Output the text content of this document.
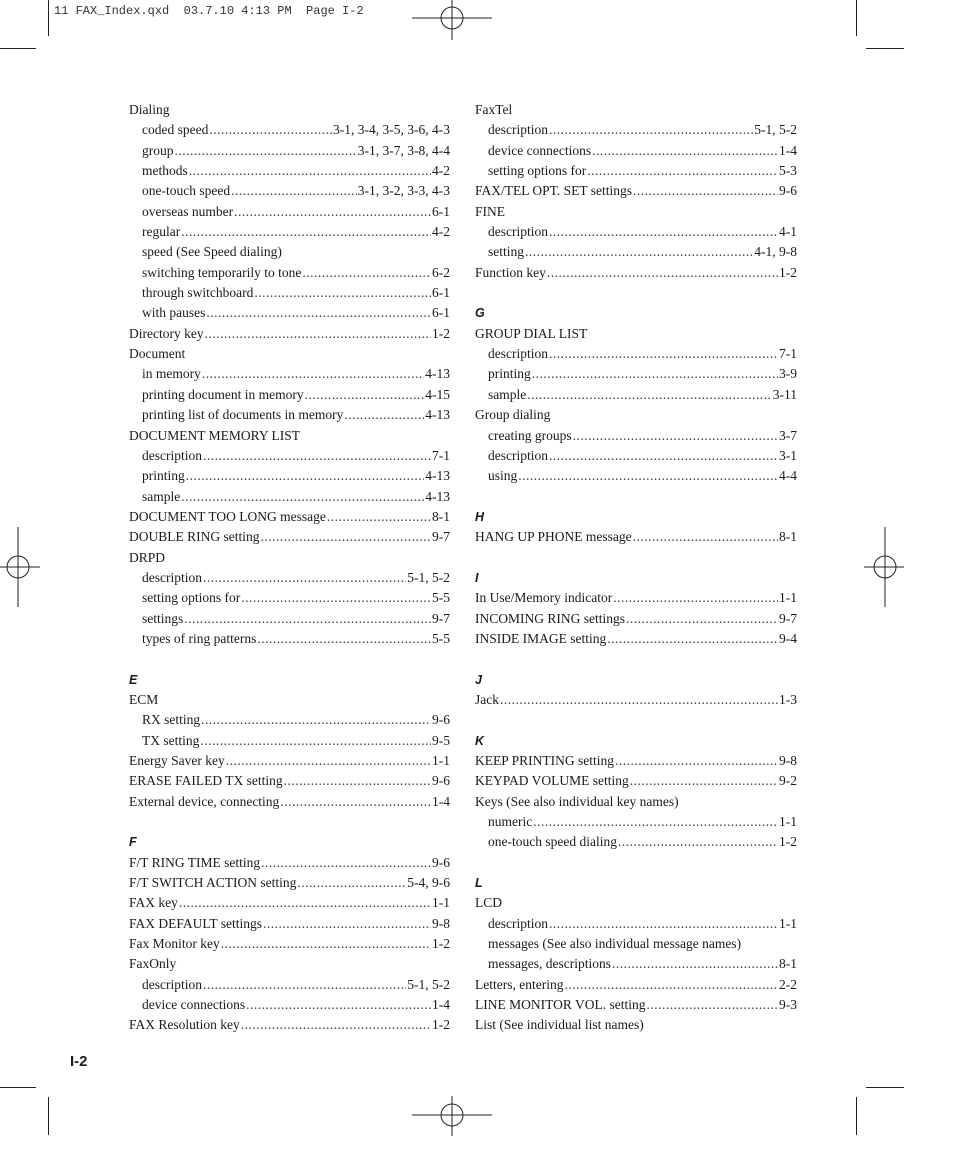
11 FAX_Index.qxd  03.7.10 4:13 PM  Page I-2
Dialing
coded speed .....	3-1, 3-4, 3-5, 3-6, 4-3
group .....	3-1, 3-7, 3-8, 4-4
methods .....	4-2
one-touch speed .....	3-1, 3-2, 3-3, 4-3
overseas number .....	6-1
regular .....	4-2
speed (See Speed dialing)
switching temporarily to tone .....	6-2
through switchboard .....	6-1
with pauses .....	6-1
Directory key .....	1-2
Document
in memory .....	4-13
printing document in memory .....	4-15
printing list of documents in memory .....	4-13
DOCUMENT MEMORY LIST
description .....	7-1
printing .....	4-13
sample .....	4-13
DOCUMENT TOO LONG message .....	8-1
DOUBLE RING setting .....	9-7
DRPD
description .....	5-1, 5-2
setting options for .....	5-5
settings .....	9-7
types of ring patterns .....	5-5
E
ECM
RX setting .....	9-6
TX setting .....	9-5
Energy Saver key .....	1-1
ERASE FAILED TX setting .....	9-6
External device, connecting .....	1-4
F
F/T RING TIME setting .....	9-6
F/T SWITCH ACTION setting .....	5-4, 9-6
FAX key .....	1-1
FAX DEFAULT settings .....	9-8
Fax Monitor key .....	1-2
FaxOnly
description .....	5-1, 5-2
device connections .....	1-4
FAX Resolution key .....	1-2
FaxTel
description .....	5-1, 5-2
device connections .....	1-4
setting options for .....	5-3
FAX/TEL OPT. SET settings .....	9-6
FINE
description .....	4-1
setting .....	4-1, 9-8
Function key .....	1-2
G
GROUP DIAL LIST
description .....	7-1
printing .....	3-9
sample .....	3-11
Group dialing
creating groups .....	3-7
description .....	3-1
using .....	4-4
H
HANG UP PHONE message .....	8-1
I
In Use/Memory indicator .....	1-1
INCOMING RING settings .....	9-7
INSIDE IMAGE setting .....	9-4
J
Jack .....	1-3
K
KEEP PRINTING setting .....	9-8
KEYPAD VOLUME setting .....	9-2
Keys (See also individual key names)
numeric .....	1-1
one-touch speed dialing .....	1-2
L
LCD
description .....	1-1
messages (See also individual message names)
messages, descriptions .....	8-1
Letters, entering .....	2-2
LINE MONITOR VOL. setting .....	9-3
List (See individual list names)
I-2
